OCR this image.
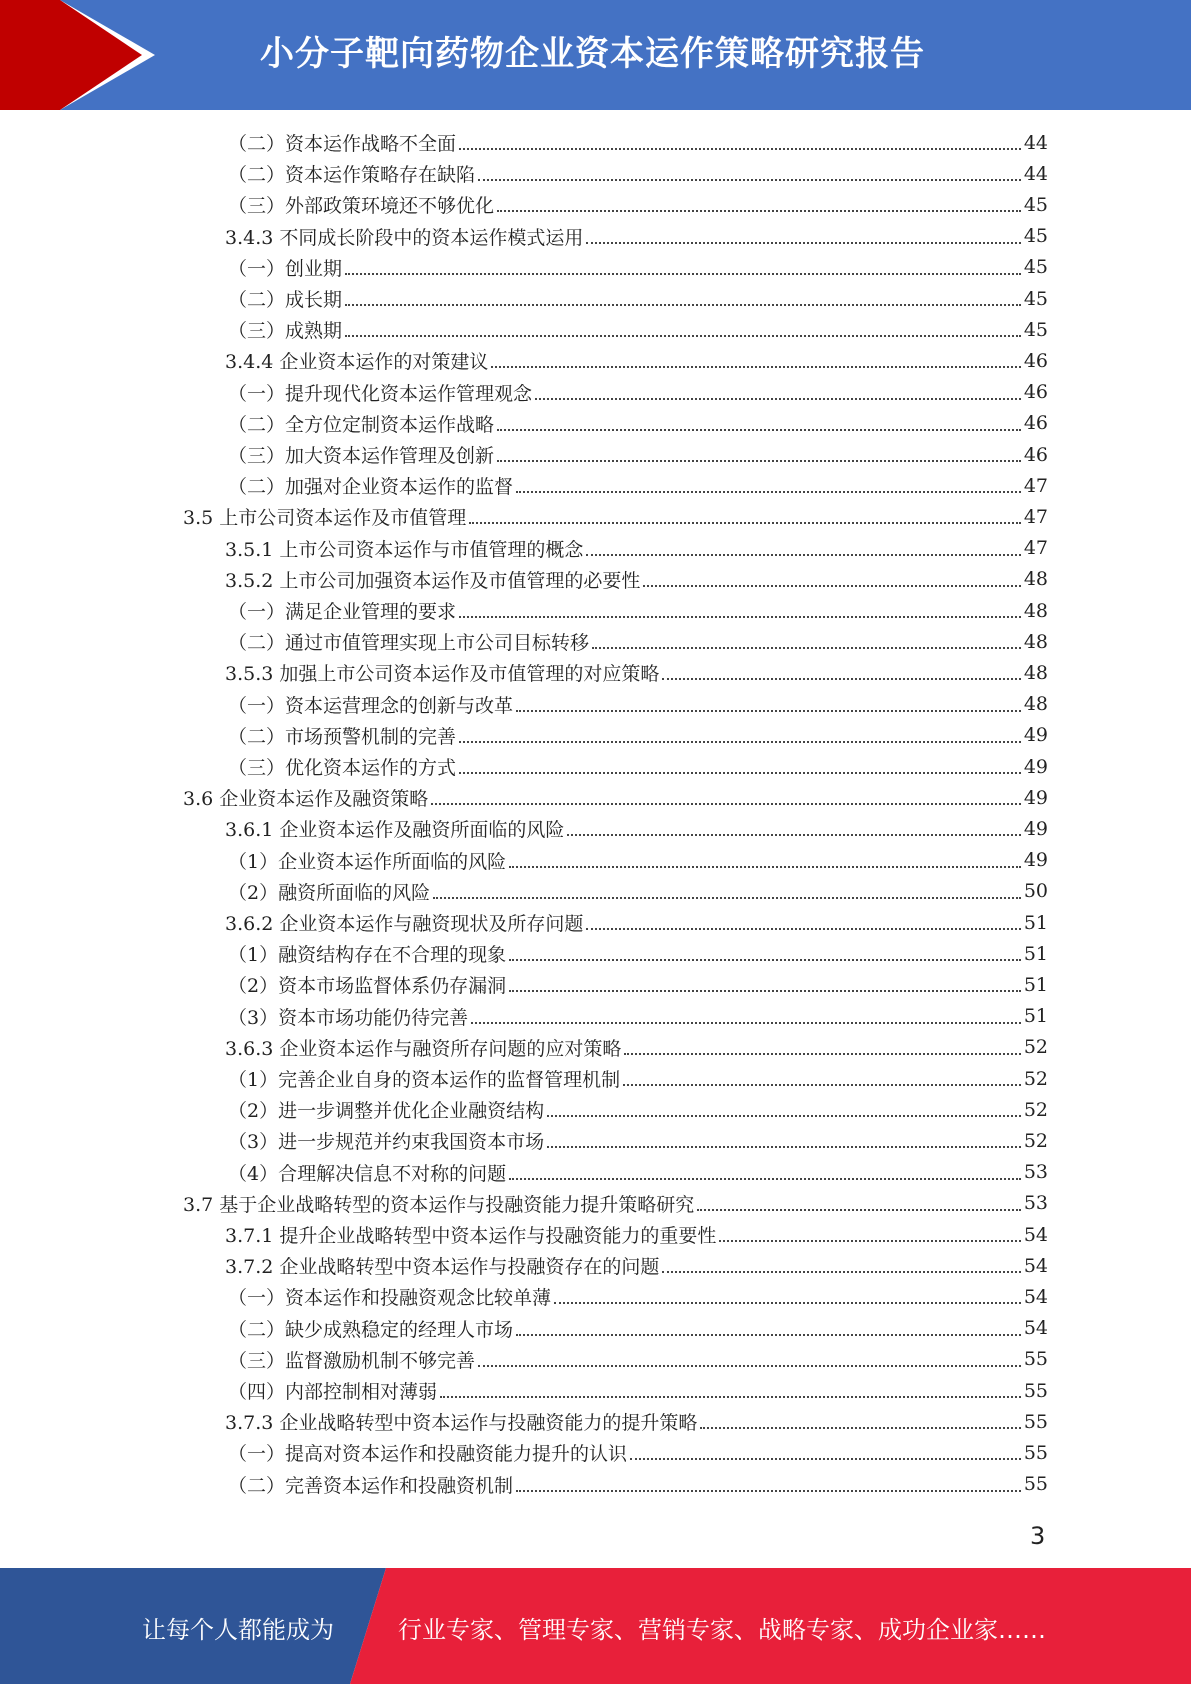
小分子靶向药物企业资本运作策略研究报告
（二）资本运作战略不全面	44
（二）资本运作策略存在缺陷	44
（三）外部政策环境还不够优化	45
3.4.3 不同成长阶段中的资本运作模式运用	45
（一）创业期	45
（二）成长期	45
（三）成熟期	45
3.4.4 企业资本运作的对策建议	46
（一）提升现代化资本运作管理观念	46
（二）全方位定制资本运作战略	46
（三）加大资本运作管理及创新	46
（二）加强对企业资本运作的监督	47
3.5 上市公司资本运作及市值管理	47
3.5.1 上市公司资本运作与市值管理的概念	47
3.5.2 上市公司加强资本运作及市值管理的必要性	48
（一）满足企业管理的要求	48
（二）通过市值管理实现上市公司目标转移	48
3.5.3 加强上市公司资本运作及市值管理的对应策略	48
（一）资本运营理念的创新与改革	48
（二）市场预警机制的完善	49
（三）优化资本运作的方式	49
3.6 企业资本运作及融资策略	49
3.6.1 企业资本运作及融资所面临的风险	49
（1）企业资本运作所面临的风险	49
（2）融资所面临的风险	50
3.6.2 企业资本运作与融资现状及所存问题	51
（1）融资结构存在不合理的现象	51
（2）资本市场监督体系仍存漏洞	51
（3）资本市场功能仍待完善	51
3.6.3 企业资本运作与融资所存问题的应对策略	52
（1）完善企业自身的资本运作的监督管理机制	52
（2）进一步调整并优化企业融资结构	52
（3）进一步规范并约束我国资本市场	52
（4）合理解决信息不对称的问题	53
3.7 基于企业战略转型的资本运作与投融资能力提升策略研究	53
3.7.1 提升企业战略转型中资本运作与投融资能力的重要性	54
3.7.2 企业战略转型中资本运作与投融资存在的问题	54
（一）资本运作和投融资观念比较单薄	54
（二）缺少成熟稳定的经理人市场	54
（三）监督激励机制不够完善	55
（四）内部控制相对薄弱	55
3.7.3 企业战略转型中资本运作与投融资能力的提升策略	55
（一）提高对资本运作和投融资能力提升的认识	55
（二）完善资本运作和投融资机制	55
3
让每个人都能成为	行业专家、管理专家、营销专家、战略专家、成功企业家……
